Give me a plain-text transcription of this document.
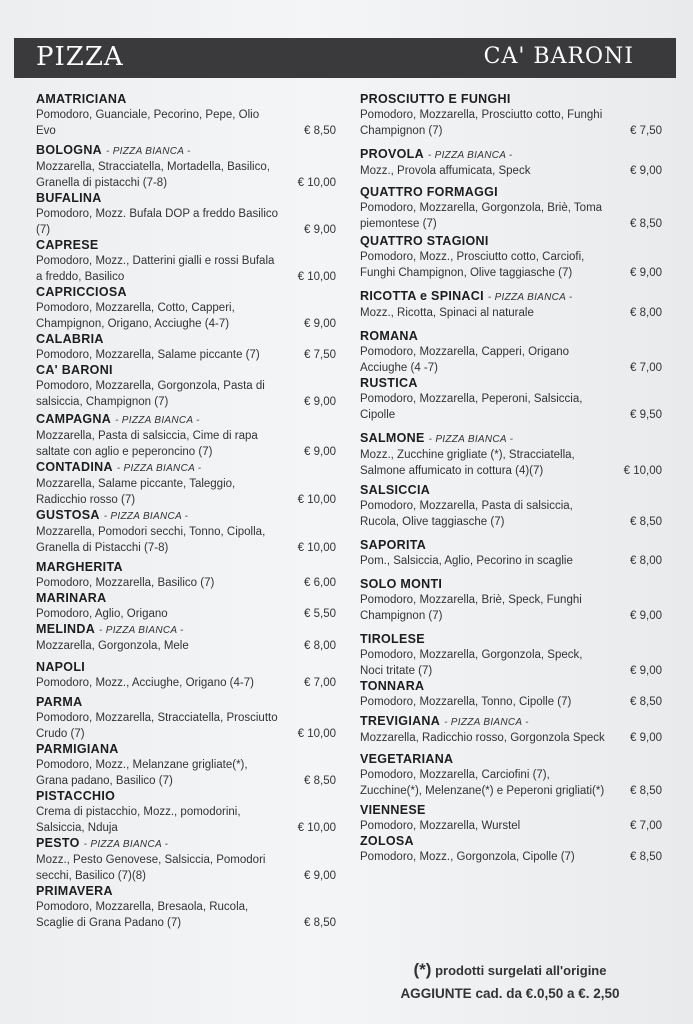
PIZZA	CA' BARONI
AMATRICIANA
Pomodoro, Guanciale, Pecorino, Pepe, Olio Evo	€ 8,50
BOLOGNA - PIZZA BIANCA -
Mozzarella, Stracciatella, Mortadella, Basilico, Granella di pistacchi (7-8)	€ 10,00
BUFALINA
Pomodoro, Mozz. Bufala DOP a freddo Basilico (7)	€ 9,00
CAPRESE
Pomodoro, Mozz., Datterini gialli e rossi Bufala a freddo, Basilico	€ 10,00
CAPRICCIOSA
Pomodoro, Mozzarella, Cotto, Capperi, Champignon, Origano, Acciughe (4-7)	€ 9,00
CALABRIA
Pomodoro, Mozzarella, Salame piccante (7)	€ 7,50
CA' BARONI
Pomodoro, Mozzarella, Gorgonzola, Pasta di salsiccia, Champignon (7)	€ 9,00
CAMPAGNA - PIZZA BIANCA -
Mozzarella, Pasta di salsiccia, Cime di rapa saltate con aglio e peperoncino (7)	€ 9,00
CONTADINA - PIZZA BIANCA -
Mozzarella, Salame piccante, Taleggio, Radicchio rosso (7)	€ 10,00
GUSTOSA - PIZZA BIANCA -
Mozzarella, Pomodori secchi, Tonno, Cipolla, Granella di Pistacchi (7-8)	€ 10,00
MARGHERITA
Pomodoro, Mozzarella, Basilico (7)	€ 6,00
MARINARA
Pomodoro, Aglio, Origano	€ 5,50
MELINDA - PIZZA BIANCA -
Mozzarella, Gorgonzola, Mele	€ 8,00
NAPOLI
Pomodoro, Mozz., Acciughe, Origano (4-7)	€ 7,00
PARMA
Pomodoro, Mozzarella, Stracciatella, Prosciutto Crudo (7)	€ 10,00
PARMIGIANA
Pomodoro, Mozz., Melanzane grigliate(*), Grana padano, Basilico (7)	€ 8,50
PISTACCHIO
Crema di pistacchio, Mozz., pomodorini, Salsiccia, Nduja	€ 10,00
PESTO - PIZZA BIANCA -
Mozz., Pesto Genovese, Salsiccia, Pomodori secchi, Basilico (7)(8)	€ 9,00
PRIMAVERA
Pomodoro, Mozzarella, Bresaola, Rucola, Scaglie di Grana Padano (7)	€ 8,50
PROSCIUTTO E FUNGHI
Pomodoro, Mozzarella, Prosciutto cotto, Funghi Champignon (7)	€ 7,50
PROVOLA - PIZZA BIANCA -
Mozz., Provola affumicata, Speck	€ 9,00
QUATTRO FORMAGGI
Pomodoro, Mozzarella, Gorgonzola, Briè, Toma piemontese (7)	€ 8,50
QUATTRO STAGIONI
Pomodoro, Mozz., Prosciutto cotto, Carciofi, Funghi Champignon, Olive taggiasche (7)	€ 9,00
RICOTTA e SPINACI - PIZZA BIANCA -
Mozz., Ricotta, Spinaci al naturale	€ 8,00
ROMANA
Pomodoro, Mozzarella, Capperi, Origano Acciughe (4 -7)	€ 7,00
RUSTICA
Pomodoro, Mozzarella, Peperoni, Salsiccia, Cipolle	€ 9,50
SALMONE - PIZZA BIANCA -
Mozz., Zucchine grigliate (*), Stracciatella, Salmone affumicato in cottura (4)(7)	€ 10,00
SALSICCIA
Pomodoro, Mozzarella, Pasta di salsiccia, Rucola, Olive taggiasche (7)	€ 8,50
SAPORITA
Pom., Salsiccia, Aglio, Pecorino in scaglie	€ 8,00
SOLO MONTI
Pomodoro, Mozzarella, Briè, Speck, Funghi Champignon (7)	€ 9,00
TIROLESE
Pomodoro, Mozzarella, Gorgonzola, Speck, Noci tritate (7)	€ 9,00
TONNARA
Pomodoro, Mozzarella, Tonno, Cipolle (7)	€ 8,50
TREVIGIANA - PIZZA BIANCA -
Mozzarella, Radicchio rosso, Gorgonzola Speck € 9,00
VEGETARIANA
Pomodoro, Mozzarella, Carciofini (7), Zucchine(*), Melenzane(*) e Peperoni grigliati(*) € 8,50
VIENNESE
Pomodoro, Mozzarella, Wurstel	€ 7,00
ZOLOSA
Pomodoro, Mozz., Gorgonzola, Cipolle (7)	€ 8,50
(*) prodotti surgelati all'origine
AGGIUNTE cad. da €.0,50 a €. 2,50
